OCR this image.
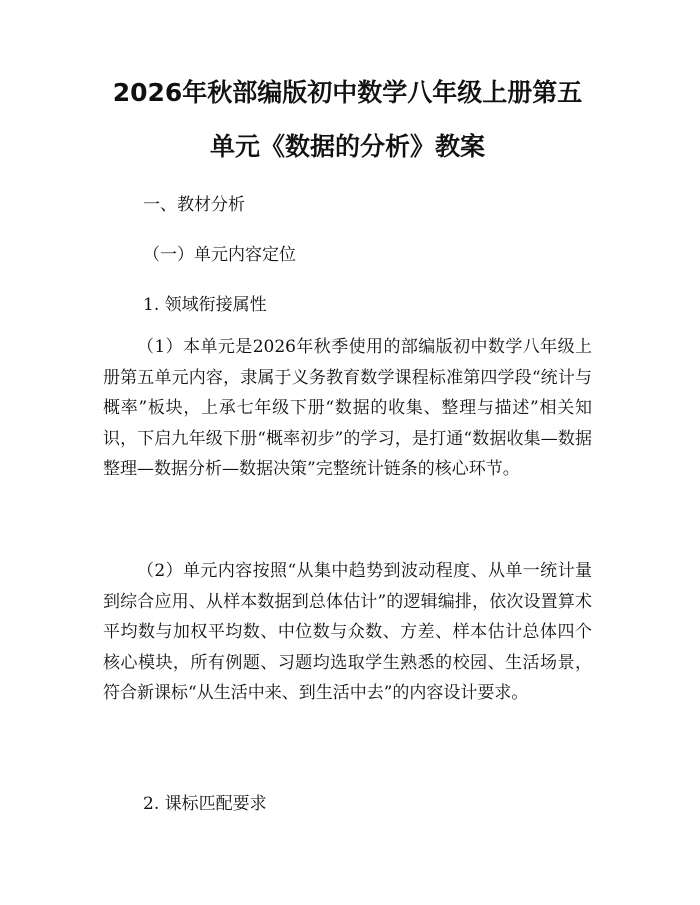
2026年秋部编版初中数学八年级上册第五单元《数据的分析》教案

一、教材分析

（一）单元内容定位

1. 领域衔接属性

（1）本单元是2026年秋季使用的部编版初中数学八年级上册第五单元内容，隶属于义务教育数学课程标准第四学段“统计与概率”板块，上承七年级下册“数据的收集、整理与描述”相关知识，下启九年级下册“概率初步”的学习，是打通“数据收集—数据整理—数据分析—数据决策”完整统计链条的核心环节。

（2）单元内容按照“从集中趋势到波动程度、从单一统计量到综合应用、从样本数据到总体估计”的逻辑编排，依次设置算术平均数与加权平均数、中位数与众数、方差、样本估计总体四个核心模块，所有例题、习题均选取学生熟悉的校园、生活场景，符合新课标“从生活中来、到生活中去”的内容设计要求。

2. 课标匹配要求
